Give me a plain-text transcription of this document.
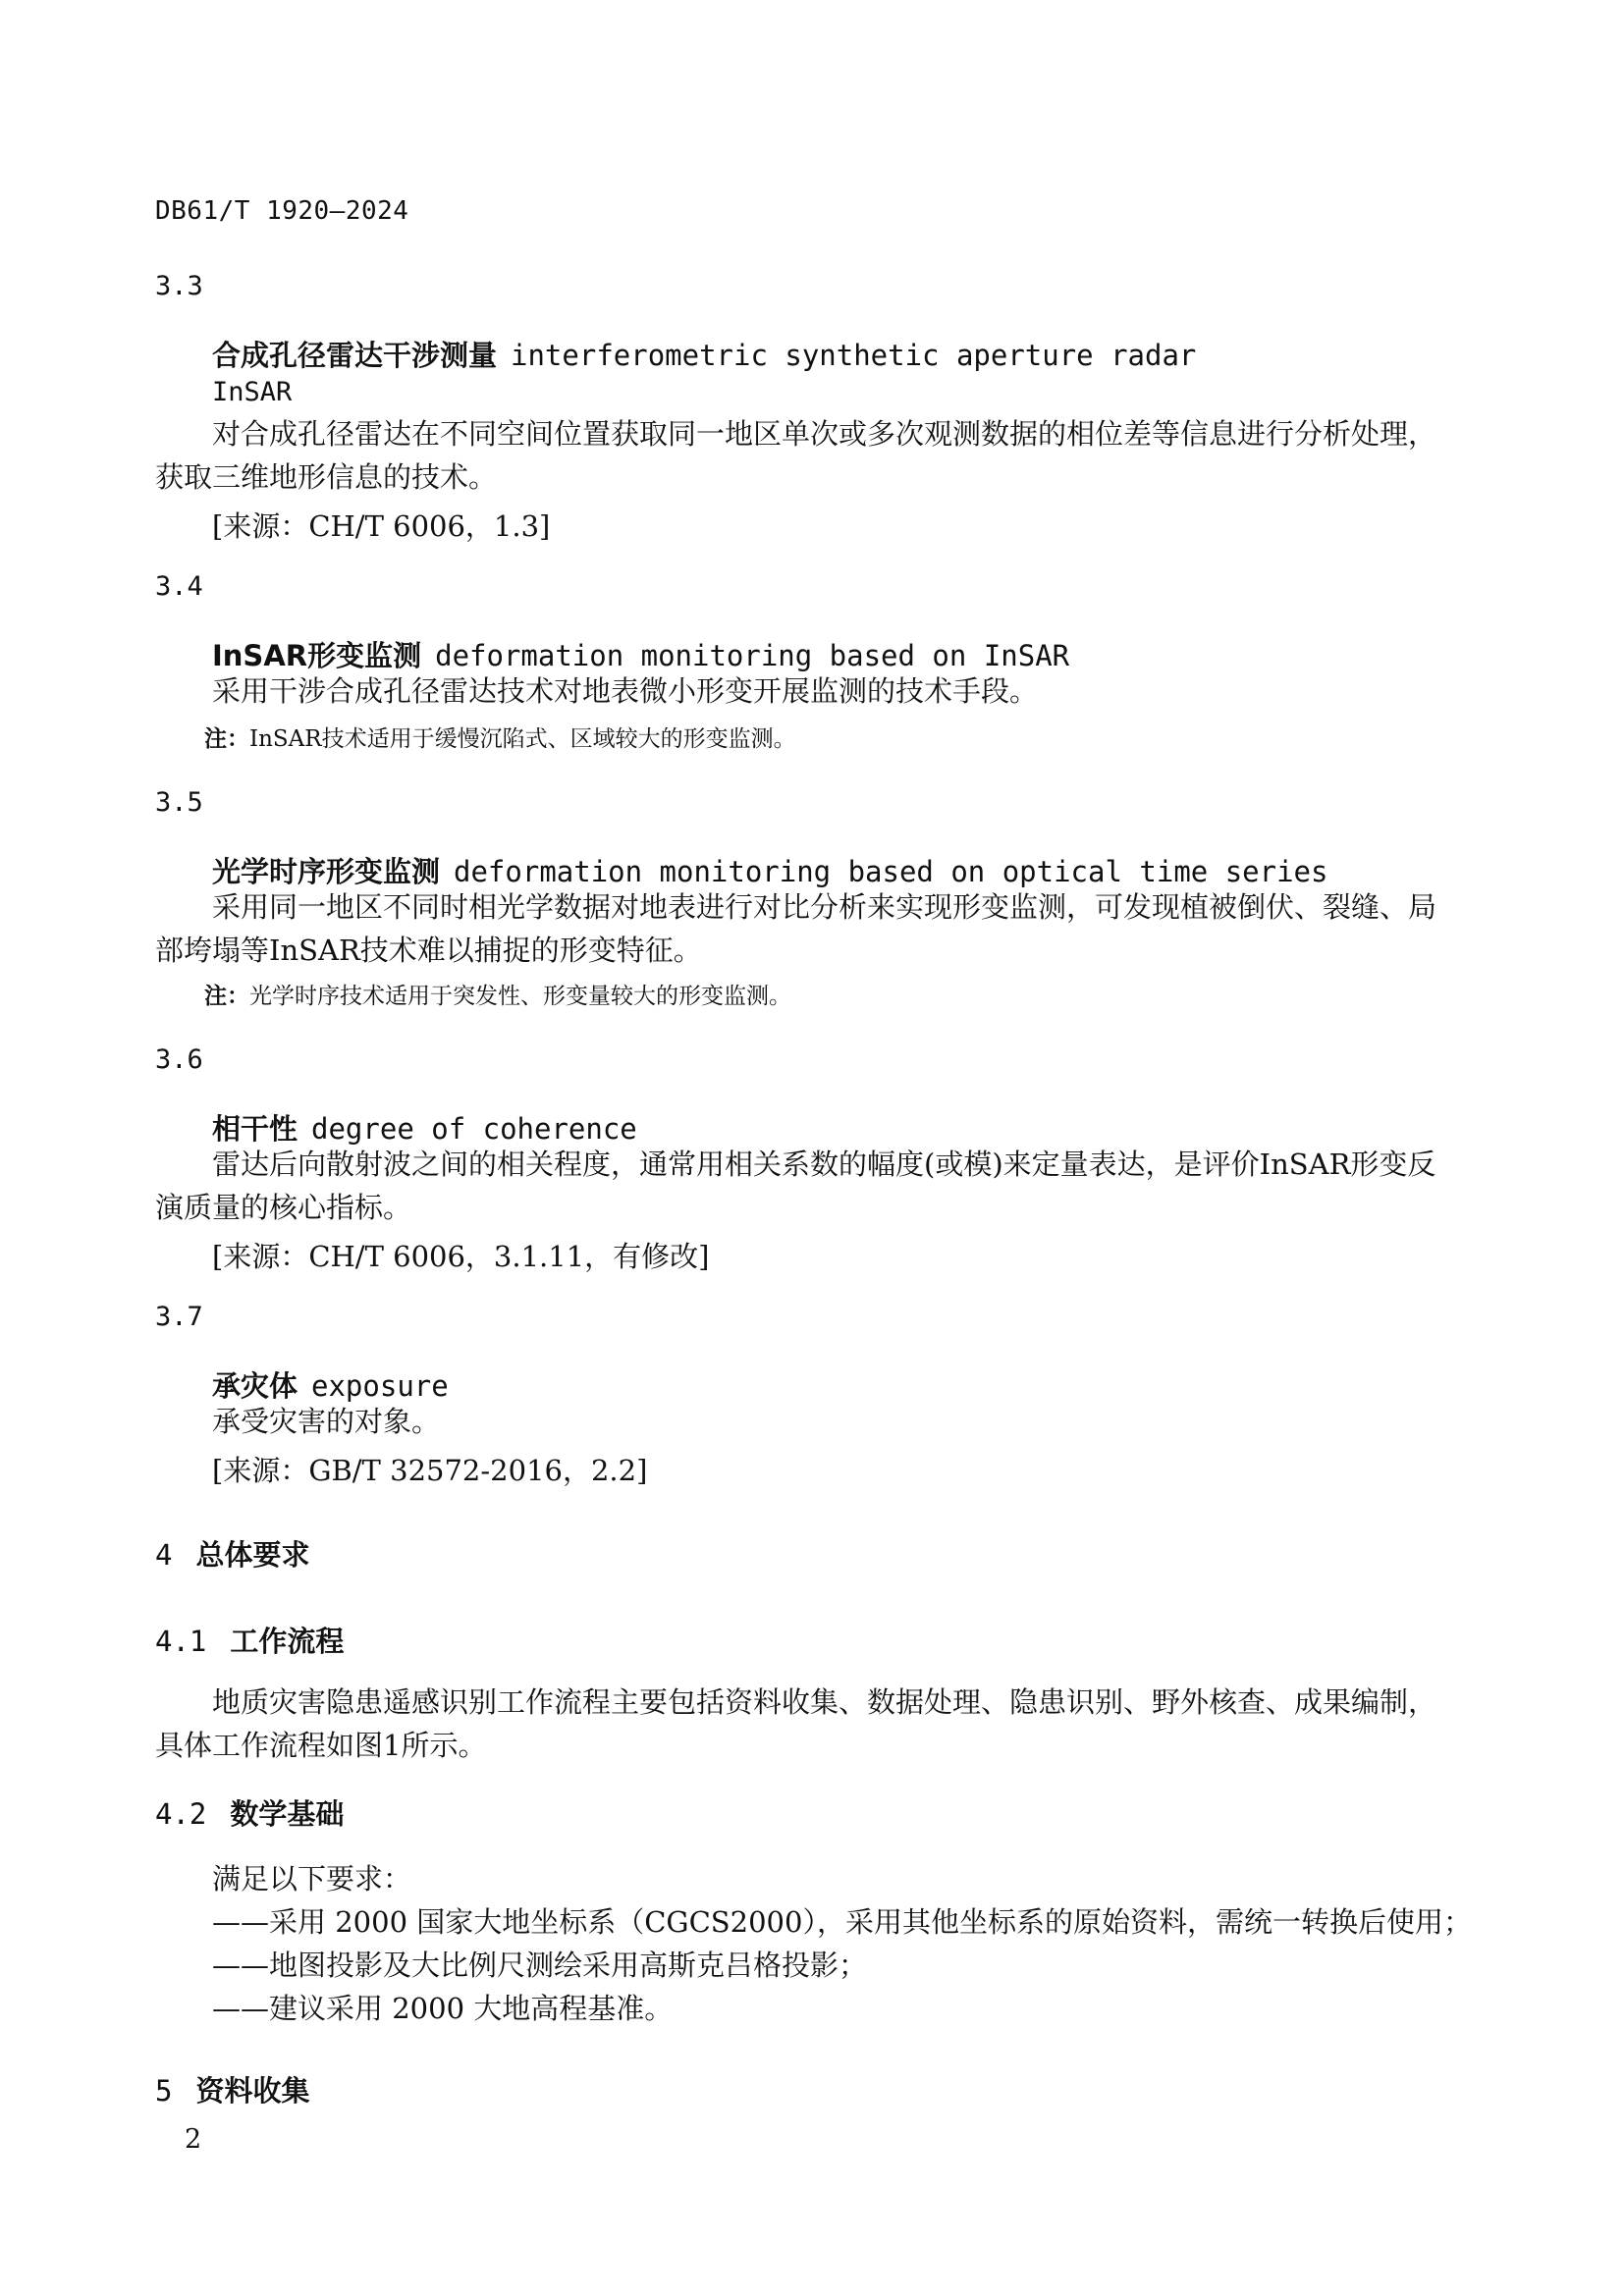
DB61/T 1920—2024
3.3
合成孔径雷达干涉测量 interferometric synthetic aperture radar
InSAR
对合成孔径雷达在不同空间位置获取同一地区单次或多次观测数据的相位差等信息进行分析处理，获取三维地形信息的技术。
[来源：CH/T 6006，1.3]
3.4
InSAR形变监测 deformation monitoring based on InSAR
采用干涉合成孔径雷达技术对地表微小形变开展监测的技术手段。
注：InSAR技术适用于缓慢沉陷式、区域较大的形变监测。
3.5
光学时序形变监测 deformation monitoring based on optical time series
采用同一地区不同时相光学数据对地表进行对比分析来实现形变监测，可发现植被倒伏、裂缝、局部垮塌等InSAR技术难以捕捉的形变特征。
注：光学时序技术适用于突发性、形变量较大的形变监测。
3.6
相干性 degree of coherence
雷达后向散射波之间的相关程度，通常用相关系数的幅度(或模)来定量表达，是评价InSAR形变反演质量的核心指标。
[来源：CH/T 6006，3.1.11，有修改]
3.7
承灾体 exposure
承受灾害的对象。
[来源：GB/T 32572-2016，2.2]
4 总体要求
4.1 工作流程
地质灾害隐患遥感识别工作流程主要包括资料收集、数据处理、隐患识别、野外核查、成果编制，具体工作流程如图1所示。
4.2 数学基础
满足以下要求：
——采用 2000 国家大地坐标系（CGCS2000），采用其他坐标系的原始资料，需统一转换后使用；
——地图投影及大比例尺测绘采用高斯克吕格投影；
——建议采用 2000 大地高程基准。
5 资料收集
2
